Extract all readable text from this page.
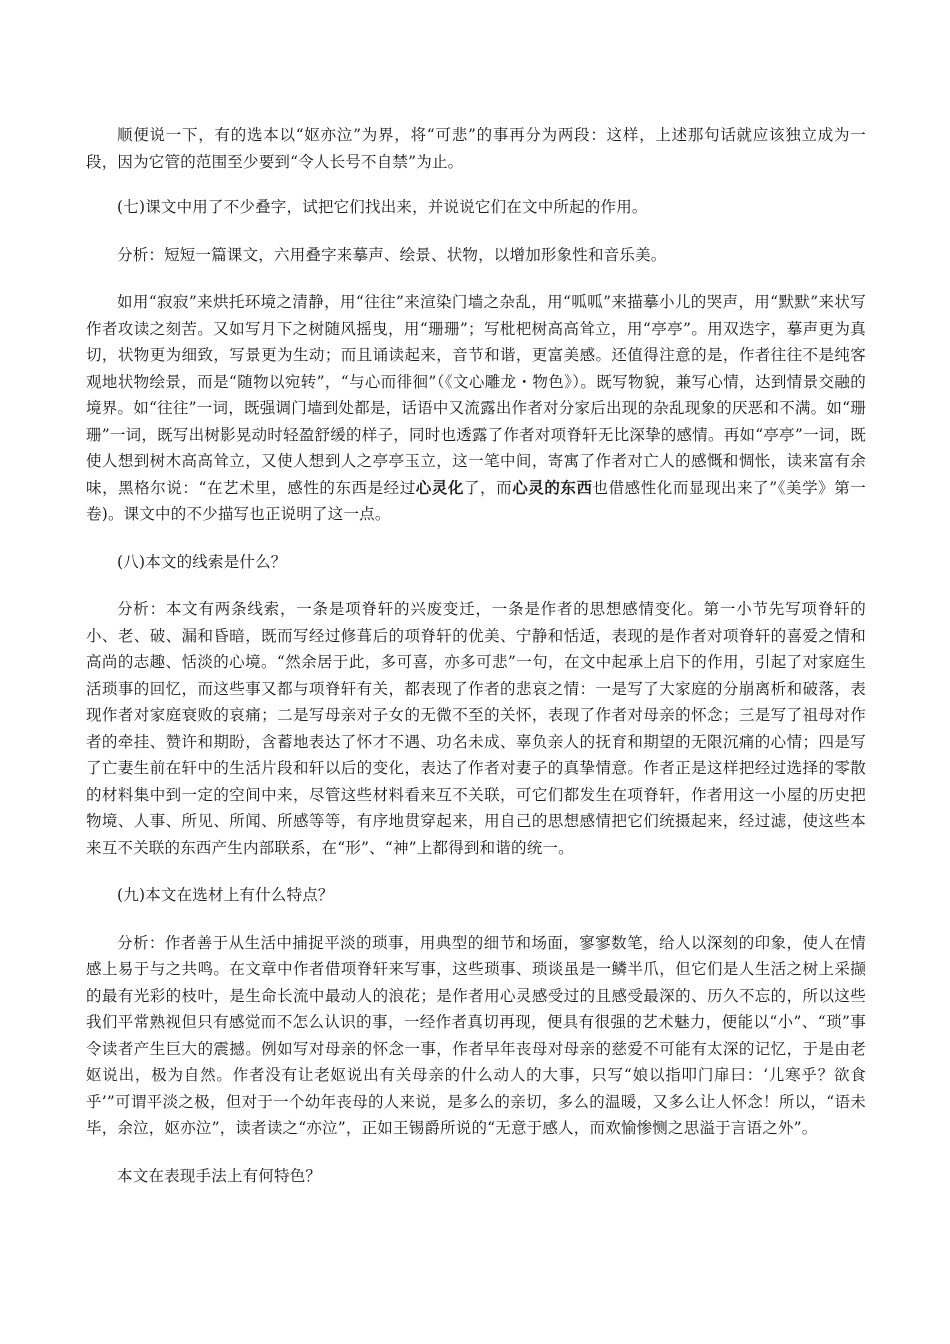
顺便说一下，有的选本以“妪亦泣”为界，将“可悲”的事再分为两段：这样，上述那句话就应该独立成为一段，因为它管的范围至少要到“令人长号不自禁”为止。

(七)课文中用了不少叠字，试把它们找出来，并说说它们在文中所起的作用。

分析：短短一篇课文，六用叠字来摹声、绘景、状物，以增加形象性和音乐美。

如用“寂寂”来烘托环境之清静，用“往往”来渲染门墙之杂乱，用“呱呱”来描摹小儿的哭声，用“默默”来状写作者攻读之刻苦。又如写月下之树随风摇曳，用“珊珊”；写枇杷树高高耸立，用“亭亭”。用双迭字，摹声更为真切，状物更为细致，写景更为生动；而且诵读起来，音节和谐，更富美感。还值得注意的是，作者往往不是纯客观地状物绘景，而是“随物以宛转”，“与心而徘徊”（《文心雕龙・物色》）。既写物貌，兼写心情，达到情景交融的境界。如“往往”一词，既强调门墙到处都是，话语中又流露出作者对分家后出现的杂乱现象的厌恶和不满。如“珊珊”一词，既写出树影晃动时轻盈舒缓的样子，同时也透露了作者对项脊轩无比深挚的感情。再如“亭亭”一词，既使人想到树木高高耸立，又使人想到人之亭亭玉立，这一笔中间，寄寓了作者对亡人的感慨和惆怅，读来富有余味，黑格尔说：“在艺术里，感性的东西是经过心灵化了，而心灵的东西也借感性化而显现出来了”《美学》第一卷)。课文中的不少描写也正说明了这一点。

(八)本文的线索是什么？

分析：本文有两条线索，一条是项脊轩的兴废变迁，一条是作者的思想感情变化。第一小节先写项脊轩的小、老、破、漏和昏暗，既而写经过修葺后的项脊轩的优美、宁静和恬适，表现的是作者对项脊轩的喜爱之情和高尚的志趣、恬淡的心境。“然余居于此，多可喜，亦多可悲”一句，在文中起承上启下的作用，引起了对家庭生活琐事的回忆，而这些事又都与项脊轩有关，都表现了作者的悲哀之情：一是写了大家庭的分崩离析和破落，表现作者对家庭衰败的哀痛；二是写母亲对子女的无微不至的关怀，表现了作者对母亲的怀念；三是写了祖母对作者的牵挂、赞许和期盼，含蓄地表达了怀才不遇、功名未成、辜负亲人的抚育和期望的无限沉痛的心情；四是写了亡妻生前在轩中的生活片段和轩以后的变化，表达了作者对妻子的真挚情意。作者正是这样把经过选择的零散的材料集中到一定的空间中来，尽管这些材料看来互不关联，可它们都发生在项脊轩，作者用这一小屋的历史把物境、人事、所见、所闻、所感等等，有序地贯穿起来，用自己的思想感情把它们统摄起来，经过滤，使这些本来互不关联的东西产生内部联系，在“形”、“神”上都得到和谐的统一。

(九)本文在选材上有什么特点？

分析：作者善于从生活中捕捉平淡的琐事，用典型的细节和场面，寥寥数笔，给人以深刻的印象，使人在情感上易于与之共鸣。在文章中作者借项脊轩来写事，这些琐事、琐谈虽是一鳞半爪，但它们是人生活之树上采撷的最有光彩的枝叶，是生命长流中最动人的浪花；是作者用心灵感受过的且感受最深的、历久不忘的，所以这些我们平常熟视但只有感觉而不怎么认识的事，一经作者真切再现，便具有很强的艺术魅力，便能以“小”、“琐”事令读者产生巨大的震撼。例如写对母亲的怀念一事，作者早年丧母对母亲的慈爱不可能有太深的记忆，于是由老妪说出，极为自然。作者没有让老妪说出有关母亲的什么动人的大事，只写“娘以指叩门扉曰：‘儿寒乎？欲食乎’”可谓平淡之极，但对于一个幼年丧母的人来说，是多么的亲切，多么的温暖，又多么让人怀念！所以，“语未毕，余泣，妪亦泣”，读者读之“亦泣”，正如王锡爵所说的“无意于感人，而欢愉惨恻之思溢于言语之外”。

本文在表现手法上有何特色？
